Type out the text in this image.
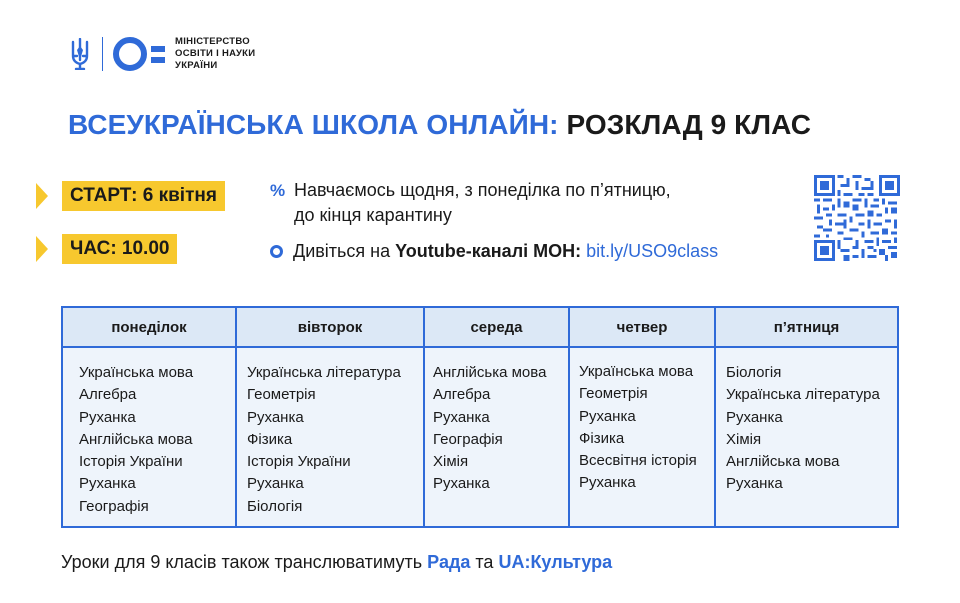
МІНІСТЕРСТВО
ОСВІТИ І НАУКИ
УКРАЇНИ
ВСЕУКРАЇНСЬКА ШКОЛА ОНЛАЙН: РОЗКЛАД 9 КЛАС
СТАРТ: 6 квітня
ЧАС: 10.00
% Навчаємось щодня, з понеділка по п’ятницю,
до кінця карантину
Дивіться на Youtube-каналі МОН: bit.ly/USO9class
понеділок
Українська мова
Алгебра
Руханка
Англійська мова
Історія України
Руханка
Географія
вівторок
Українська література
Геометрія
Руханка
Фізика
Історія України
Руханка
Біологія
середа
Англійська мова
Алгебра
Руханка
Географія
Хімія
Руханка
четвер
Українська мова
Геометрія
Руханка
Фізика
Всесвітня історія
Руханка
п’ятниця
Біологія
Українська література
Руханка
Хімія
Англійська мова
Руханка
Уроки для 9 класів також транслюватимуть Рада та UA:Культура
